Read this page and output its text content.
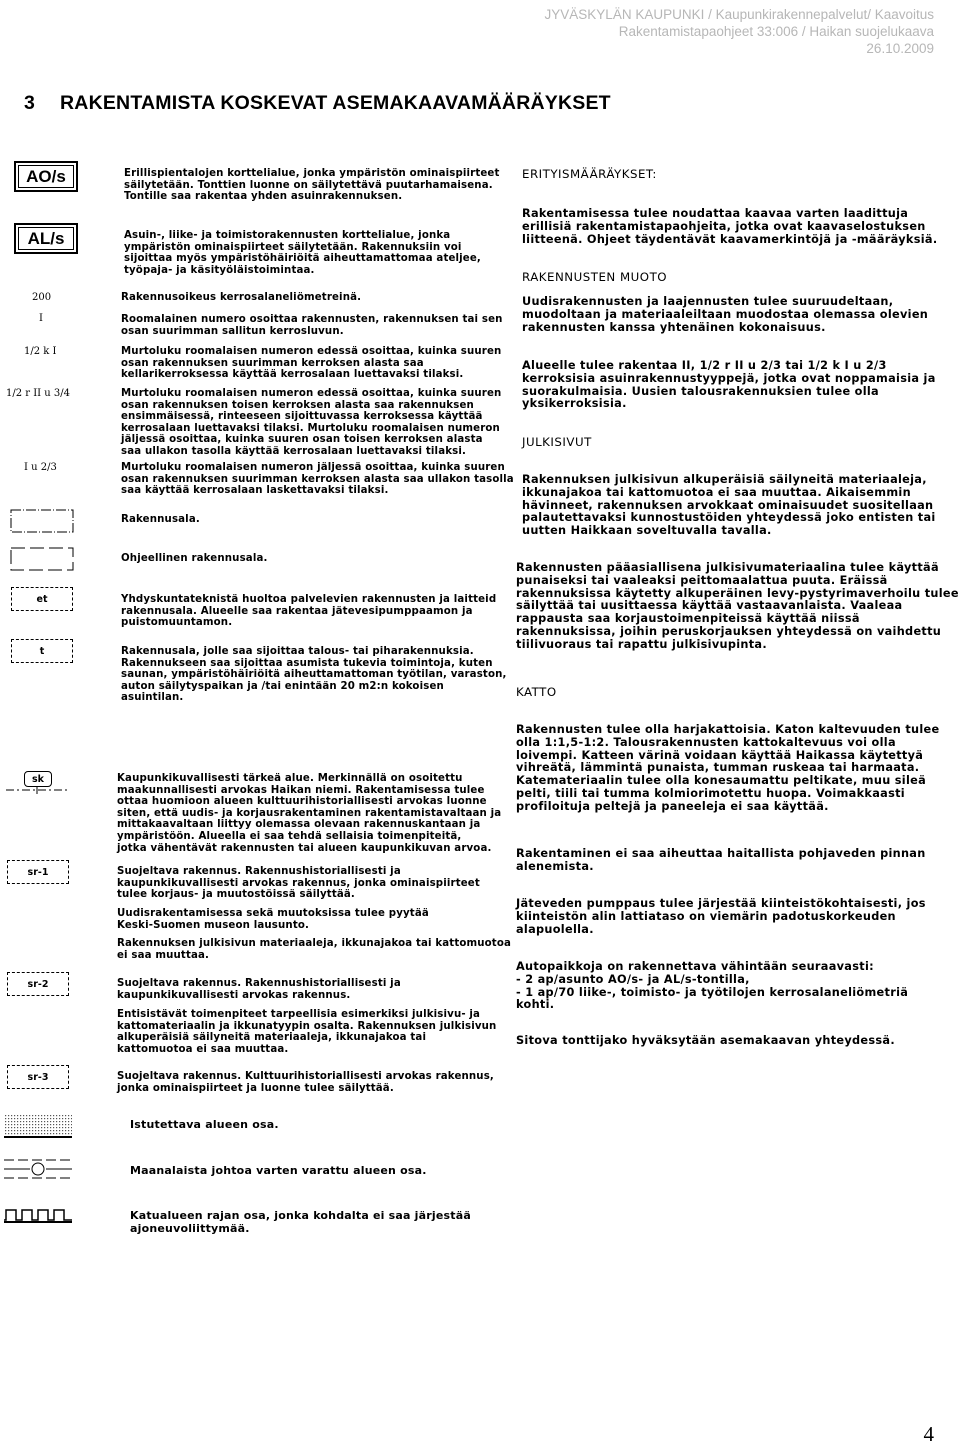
JYVÄSKYLÄN KAUPUNKI / Kaupunkirakennepalvelut/ Kaavoitus
Rakentamistapaohjeet 33:006 / Haikan suojelukaava
26.10.2009
3 RAKENTAMISTA KOSKEVAT ASEMAKAAVAMÄÄRÄYKSET
AO/s	Erillispientalojen korttelialue, jonka ympäristön ominaispiirteet
säilytetään. Tonttien luonne on säilytettävä puutarhamaisena.
Tontille saa rakentaa yhden asuinrakennuksen.
AL/s	Asuin-, liike- ja toimistorakennusten korttelialue, jonka
ympäristön ominaispiirteet säilytetään. Rakennuksiin voi
sijoittaa myös ympäristöhäiriöitä aiheuttamattomaa ateljee,
työpaja- ja käsityöläistoimintaa.
200	Rakennusoikeus kerrosalaneliömetreinä.
I	Roomalainen numero osoittaa rakennusten, rakennuksen tai sen
osan suurimman sallitun kerrosluvun.
1/2 k I	Murtoluku roomalaisen numeron edessä osoittaa, kuinka suuren
osan rakennuksen suurimman kerroksen alasta saa
kellarikerroksessa käyttää kerrosalaan luettavaksi tilaksi.
1/2 r II u 3/4	Murtoluku roomalaisen numeron edessä osoittaa, kuinka suuren
osan rakennuksen toisen kerroksen alasta saa rakennuksen
ensimmäisessä, rinteeseen sijoittuvassa kerroksessa käyttää
kerrosalaan luettavaksi tilaksi. Murtoluku roomalaisen numeron
jäljessä osoittaa, kuinka suuren osan toisen kerroksen alasta
saa ullakon tasolla käyttää kerrosalaan luettavaksi tilaksi.
I u 2/3	Murtoluku roomalaisen numeron jäljessä osoittaa, kuinka suuren
osan rakennuksen suurimman kerroksen alasta saa ullakon tasolla
saa käyttää kerrosalaan laskettavaksi tilaksi.
Rakennusala.
Ohjeellinen rakennusala.
et	Yhdyskuntateknistä huoltoa palvelevien rakennusten ja laitteid
rakennusala. Alueelle saa rakentaa jätevesipumppaamon ja
puistomuuntamon.
t	Rakennusala, jolle saa sijoittaa talous- tai piharakennuksia.
Rakennukseen saa sijoittaa asumista tukevia toimintoja, kuten
saunan, ympäristöhäiriöitä aiheuttamattoman työtilan, varaston,
auton säilytyspaikan ja /tai enintään 20 m2:n kokoisen
asuintilan.
sk	Kaupunkikuvallisesti tärkeä alue. Merkinnällä on osoitettu
maakunnallisesti arvokas Haikan niemi. Rakentamisessa tulee
ottaa huomioon alueen kulttuurihistoriallisesti arvokas luonne
siten, että uudis- ja korjausrakentaminen rakentamistavaltaan ja
mittakaavaltaan liittyy olemassa olevaan rakennuskantaan ja
ympäristöön. Alueella ei saa tehdä sellaisia toimenpiteitä,
jotka vähentävät rakennusten tai alueen kaupunkikuvan arvoa.
sr-1	Suojeltava rakennus. Rakennushistoriallisesti ja
kaupunkikuvallisesti arvokas rakennus, jonka ominaispiirteet
tulee korjaus- ja muutostöissä säilyttää.
Uudisrakentamisessa sekä muutoksissa tulee pyytää
Keski-Suomen museon lausunto.
Rakennuksen julkisivun materiaaleja, ikkunajakoa tai kattomuotoa
ei saa muuttaa.
sr-2	Suojeltava rakennus. Rakennushistoriallisesti ja
kaupunkikuvallisesti arvokas rakennus.
Entisistävät toimenpiteet tarpeellisia esimerkiksi julkisivu- ja
kattomateriaalin ja ikkunatyypin osalta. Rakennuksen julkisivun
alkuperäisiä säilyneitä materiaaleja, ikkunajakoa tai
kattomuotoa ei saa muuttaa.
sr-3	Suojeltava rakennus. Kulttuurihistoriallisesti arvokas rakennus,
jonka ominaispiirteet ja luonne tulee säilyttää.
Istutettava alueen osa.
Maanalaista johtoa varten varattu alueen osa.
Katualueen rajan osa, jonka kohdalta ei saa järjestää
ajoneuvoliittymää.
ERITYISMÄÄRÄYKSET:
Rakentamisessa tulee noudattaa kaavaa varten laadittuja
erillisiä rakentamistapaohjeita, jotka ovat kaavaselostuksen
liitteenä. Ohjeet täydentävät kaavamerkintöjä ja -määräyksiä.
RAKENNUSTEN MUOTO
Uudisrakennusten ja laajennusten tulee suuruudeltaan,
muodoltaan ja materiaaleiltaan muodostaa olemassa olevien
rakennusten kanssa yhtenäinen kokonaisuus.
Alueelle tulee rakentaa II, 1/2 r II u 2/3 tai 1/2 k I u 2/3
kerroksisia asuinrakennustyyppejä, jotka ovat noppamaisia ja
suorakulmaisia. Uusien talousrakennuksien tulee olla
yksikerroksisia.
JULKISIVUT
Rakennuksen julkisivun alkuperäisiä säilyneitä materiaaleja,
ikkunajakoa tai kattomuotoa ei saa muuttaa. Aikaisemmin
hävinneet, rakennuksen arvokkaat ominaisuudet suositellaan
palautettavaksi kunnostustöiden yhteydessä joko entisten tai
uutten Haikkaan soveltuvalla tavalla.
Rakennusten pääasiallisena julkisivumateriaalina tulee käyttää
punaiseksi tai vaaleaksi peittomaalattua puuta. Eräissä
rakennuksissa käytetty alkuperäinen levy-pystyrimaverhoilu tulee
säilyttää tai uusittaessa käyttää vastaavanlaista. Vaaleaa
rappausta saa korjaustoimenpiteissä käyttää niissä
rakennuksissa, joihin peruskorjauksen yhteydessä on vaihdettu
tiilivuoraus tai rapattu julkisivupinta.
KATTO
Rakennusten tulee olla harjakattoisia. Katon kaltevuuden tulee
olla 1:1,5-1:2. Talousrakennusten kattokaltevuus voi olla
loivempi. Katteen värinä voidaan käyttää Haikassa käytettyä
vihreätä, lämmintä punaista, tumman ruskeaa tai harmaata.
Katemateriaalin tulee olla konesaumattu peltikate, muu sileä
pelti, tiili tai tumma kolmiorimotettu huopa. Voimakkaasti
profiloituja peltejä ja paneeleja ei saa käyttää.
Rakentaminen ei saa aiheuttaa haitallista pohjaveden pinnan
alenemista.
Jäteveden pumppaus tulee järjestää kiinteistökohtaisesti, jos
kiinteistön alin lattiataso on viemärin padotuskorkeuden
alapuolella.
Autopaikkoja on rakennettava vähintään seuraavasti:
- 2 ap/asunto AO/s- ja AL/s-tontilla,
- 1 ap/70 liike-, toimisto- ja työtilojen kerrosalaneliömetriä
kohti.
Sitova tonttijako hyväksytään asemakaavan yhteydessä.
4
